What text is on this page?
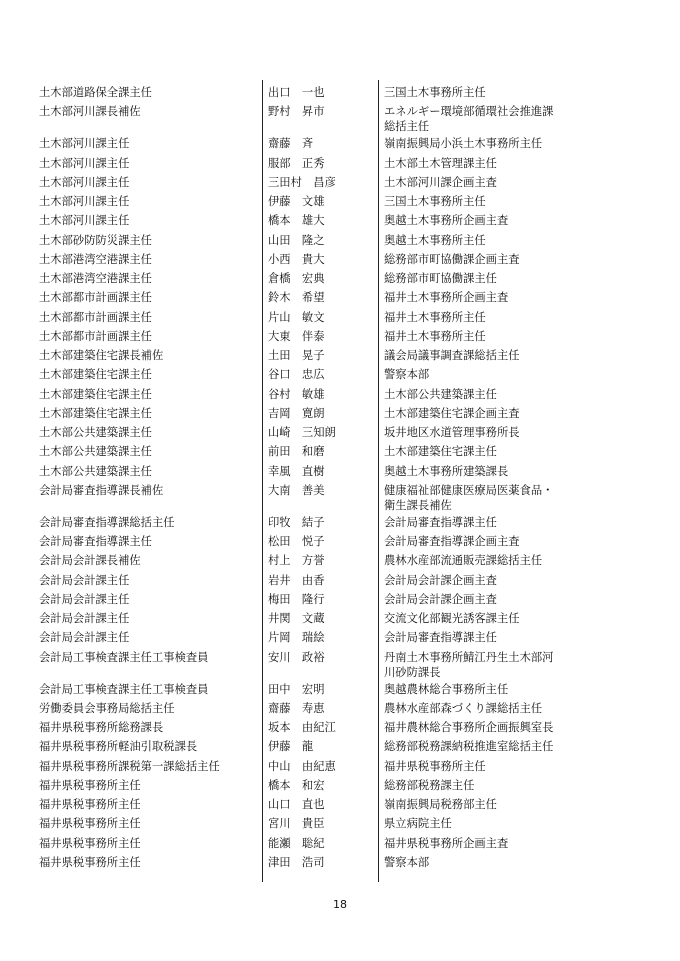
土木部道路保全課主任	出口　一也	三国土木事務所主任
土木部河川課長補佐	野村　昇市	エネルギー環境部循環社会推進課総括主任
土木部河川課主任	齋藤　斉	嶺南振興局小浜土木事務所主任
土木部河川課主任	服部　正秀	土木部土木管理課主任
土木部河川課主任	三田村　昌彦	土木部河川課企画主査
土木部河川課主任	伊藤　文雄	三国土木事務所主任
土木部河川課主任	橋本　雄大	奥越土木事務所企画主査
土木部砂防防災課主任	山田　隆之	奥越土木事務所主任
土木部港湾空港課主任	小西　貴大	総務部市町協働課企画主査
土木部港湾空港課主任	倉橋　宏典	総務部市町協働課主任
土木部都市計画課主任	鈴木　希望	福井土木事務所企画主査
土木部都市計画課主任	片山　敏文	福井土木事務所主任
土木部都市計画課主任	大東　伴泰	福井土木事務所主任
土木部建築住宅課長補佐	土田　晃子	議会局議事調査課総括主任
土木部建築住宅課主任	谷口　忠広	警察本部
土木部建築住宅課主任	谷村　敏雄	土木部公共建築課主任
土木部建築住宅課主任	吉岡　寛朗	土木部建築住宅課企画主査
土木部公共建築課主任	山崎　三知朗	坂井地区水道管理事務所長
土木部公共建築課主任	前田　和磨	土木部建築住宅課主任
土木部公共建築課主任	幸風　直樹	奥越土木事務所建築課長
会計局審査指導課長補佐	大南　善美	健康福祉部健康医療局医薬食品・衛生課長補佐
会計局審査指導課総括主任	印牧　結子	会計局審査指導課主任
会計局審査指導課主任	松田　悦子	会計局審査指導課企画主査
会計局会計課長補佐	村上　方誉	農林水産部流通販売課総括主任
会計局会計課主任	岩井　由香	会計局会計課企画主査
会計局会計課主任	梅田　隆行	会計局会計課企画主査
会計局会計課主任	井関　文蔵	交流文化部観光誘客課主任
会計局会計課主任	片岡　瑞絵	会計局審査指導課主任
会計局工事検査課主任工事検査員	安川　政裕	丹南土木事務所鯖江丹生土木部河川砂防課長
会計局工事検査課主任工事検査員	田中　宏明	奥越農林総合事務所主任
労働委員会事務局総括主任	齋藤　寿恵	農林水産部森づくり課総括主任
福井県税事務所総務課長	坂本　由紀江	福井農林総合事務所企画振興室長
福井県税事務所軽油引取税課長	伊藤　龍	総務部税務課納税推進室総括主任
福井県税事務所課税第一課総括主任	中山　由紀恵	福井県税事務所主任
福井県税事務所主任	橋本　和宏	総務部税務課主任
福井県税事務所主任	山口　直也	嶺南振興局税務部主任
福井県税事務所主任	宮川　貴臣	県立病院主任
福井県税事務所主任	能瀬　聡紀	福井県税事務所企画主査
福井県税事務所主任	津田　浩司	警察本部
18
